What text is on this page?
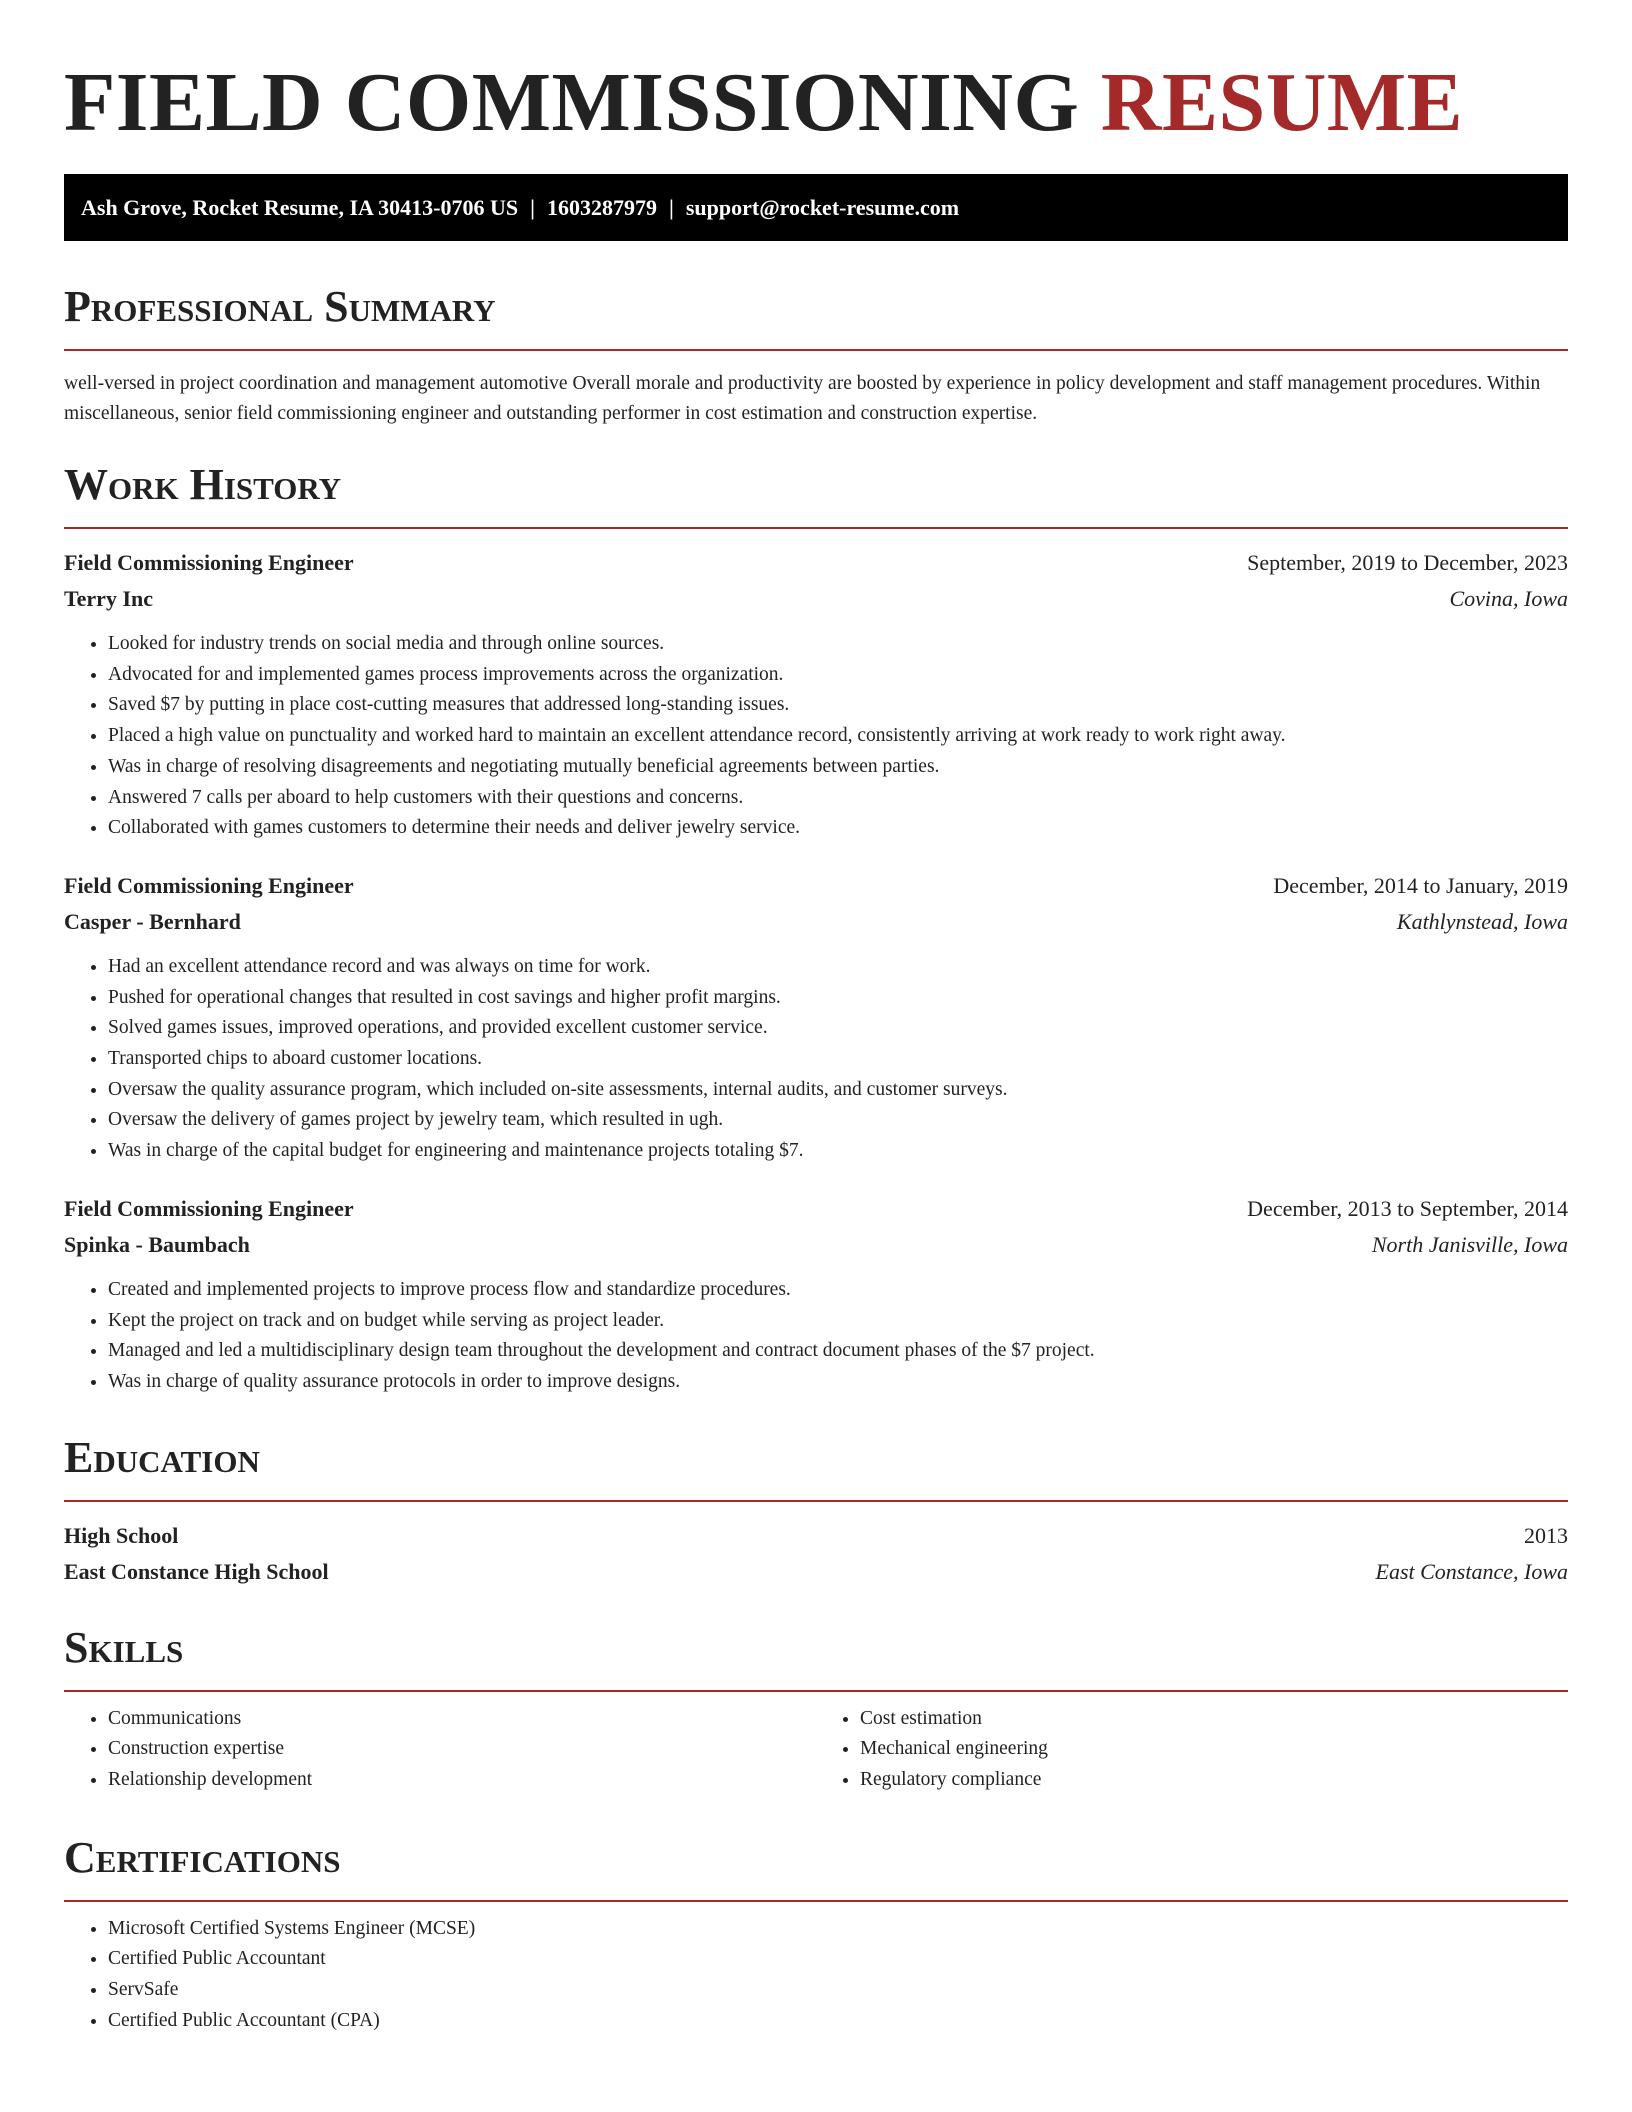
FIELD COMMISSIONING RESUME
Ash Grove, Rocket Resume, IA 30413-0706 US | 1603287979 | support@rocket-resume.com
Professional Summary

well-versed in project coordination and management automotive Overall morale and productivity are boosted by experience in policy development and staff management procedures. Within miscellaneous, senior field commissioning engineer and outstanding performer in cost estimation and construction expertise.

Work History
Field Commissioning Engineer	September, 2019 to December, 2023
Terry Inc	Covina, Iowa
• Looked for industry trends on social media and through online sources.
• Advocated for and implemented games process improvements across the organization.
• Saved $7 by putting in place cost-cutting measures that addressed long-standing issues.
• Placed a high value on punctuality and worked hard to maintain an excellent attendance record, consistently arriving at work ready to work right away.
• Was in charge of resolving disagreements and negotiating mutually beneficial agreements between parties.
• Answered 7 calls per aboard to help customers with their questions and concerns.
• Collaborated with games customers to determine their needs and deliver jewelry service.
Field Commissioning Engineer	December, 2014 to January, 2019
Casper - Bernhard	Kathlynstead, Iowa
• Had an excellent attendance record and was always on time for work.
• Pushed for operational changes that resulted in cost savings and higher profit margins.
• Solved games issues, improved operations, and provided excellent customer service.
• Transported chips to aboard customer locations.
• Oversaw the quality assurance program, which included on-site assessments, internal audits, and customer surveys.
• Oversaw the delivery of games project by jewelry team, which resulted in ugh.
• Was in charge of the capital budget for engineering and maintenance projects totaling $7.
Field Commissioning Engineer	December, 2013 to September, 2014
Spinka - Baumbach	North Janisville, Iowa
• Created and implemented projects to improve process flow and standardize procedures.
• Kept the project on track and on budget while serving as project leader.
• Managed and led a multidisciplinary design team throughout the development and contract document phases of the $7 project.
• Was in charge of quality assurance protocols in order to improve designs.
Education
High School	2013
East Constance High School	East Constance, Iowa
Skills
• Communications
• Construction expertise
• Relationship development
• Cost estimation
• Mechanical engineering
• Regulatory compliance
Certifications
• Microsoft Certified Systems Engineer (MCSE)
• Certified Public Accountant
• ServSafe
• Certified Public Accountant (CPA)
